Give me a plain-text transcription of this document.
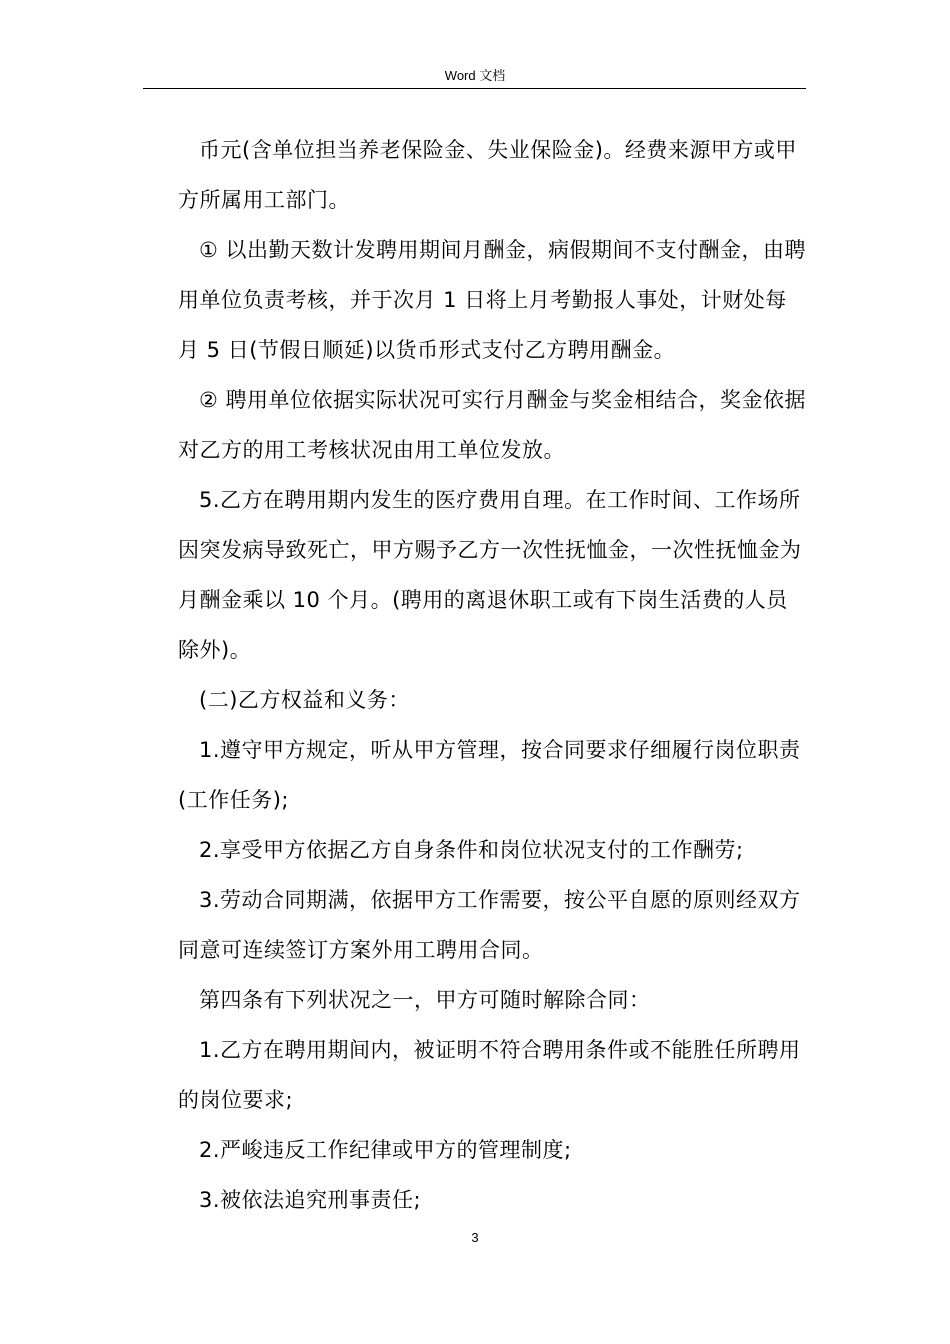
Word 文档

币元(含单位担当养老保险金、失业保险金)。经费来源甲方或甲方所属用工部门。

① 以出勤天数计发聘用期间月酬金，病假期间不支付酬金，由聘用单位负责考核，并于次月 1 日将上月考勤报人事处，计财处每月 5 日(节假日顺延)以货币形式支付乙方聘用酬金。

② 聘用单位依据实际状况可实行月酬金与奖金相结合，奖金依据对乙方的用工考核状况由用工单位发放。

5.乙方在聘用期内发生的医疗费用自理。在工作时间、工作场所因突发病导致死亡，甲方赐予乙方一次性抚恤金，一次性抚恤金为月酬金乘以 10 个月。(聘用的离退休职工或有下岗生活费的人员除外)。

(二)乙方权益和义务：

1.遵守甲方规定，听从甲方管理，按合同要求仔细履行岗位职责(工作任务);

2.享受甲方依据乙方自身条件和岗位状况支付的工作酬劳;

3.劳动合同期满，依据甲方工作需要，按公平自愿的原则经双方同意可连续签订方案外用工聘用合同。

第四条有下列状况之一，甲方可随时解除合同：

1.乙方在聘用期间内，被证明不符合聘用条件或不能胜任所聘用的岗位要求;

2.严峻违反工作纪律或甲方的管理制度;

3.被依法追究刑事责任;

3
